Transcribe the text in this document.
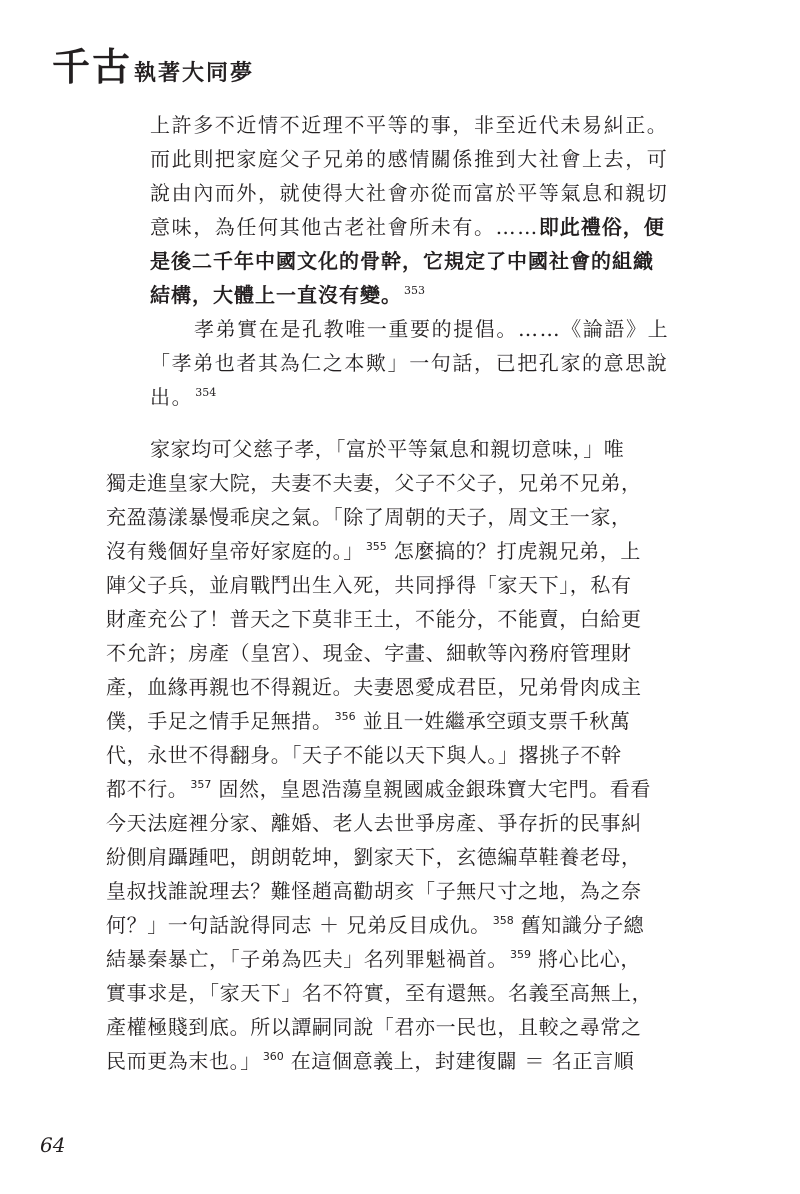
千古執著大同夢

上許多不近情不近理不平等的事，非至近代未易糾正。

而此則把家庭父子兄弟的感情關係推到大社會上去，可

說由內而外，就使得大社會亦從而富於平等氣息和親切

意味，為任何其他古老社會所未有。……即此禮俗，便

是後二千年中國文化的骨幹，它規定了中國社會的組織

結構，大體上一直沒有變。 $^{353}$

孝弟實在是孔教唯一重要的提倡。……《論語》上

「孝弟也者其為仁之本歟」一句話，已把孔家的意思說

出。 $^{354}$

家家均可父慈子孝，「富於平等氣息和親切意味，」唯

獨走進皇家大院，夫妻不夫妻，父子不父子，兄弟不兄弟，

充盈蕩漾暴慢乖戾之氣。「除了周朝的天子，周文王一家，

沒有幾個好皇帝好家庭的。」 $^{355}$ 怎麼搞的？打虎親兄弟，上

陣父子兵，並肩戰鬥出生入死，共同掙得「家天下」，私有

財產充公了！普天之下莫非王土，不能分，不能賣，白給更

不允許；房產（皇宮）、現金、字畫、細軟等內務府管理財

產，血緣再親也不得親近。夫妻恩愛成君臣，兄弟骨肉成主

僕，手足之情手足無措。 $^{356}$ 並且一姓繼承空頭支票千秋萬

代，永世不得翻身。「天子不能以天下與人。」撂挑子不幹

都不行。 $^{357}$ 固然，皇恩浩蕩皇親國戚金銀珠寶大宅門。看看

今天法庭裡分家、離婚、老人去世爭房產、爭存折的民事糾

紛側肩躡踵吧，朗朗乾坤，劉家天下，玄德編草鞋養老母，

皇叔找誰說理去？難怪趙高勸胡亥「子無尺寸之地，為之奈

何？」一句話說得同志 ＋ 兄弟反目成仇。 $^{358}$ 舊知識分子總

結暴秦暴亡，「子弟為匹夫」名列罪魁禍首。 $^{359}$ 將心比心，

實事求是，「家天下」名不符實，至有還無。名義至高無上，

產權極賤到底。所以譚嗣同說「君亦一民也，且較之尋常之

民而更為末也。」 $^{360}$ 在這個意義上，封建復闢 ＝ 名正言順

64
